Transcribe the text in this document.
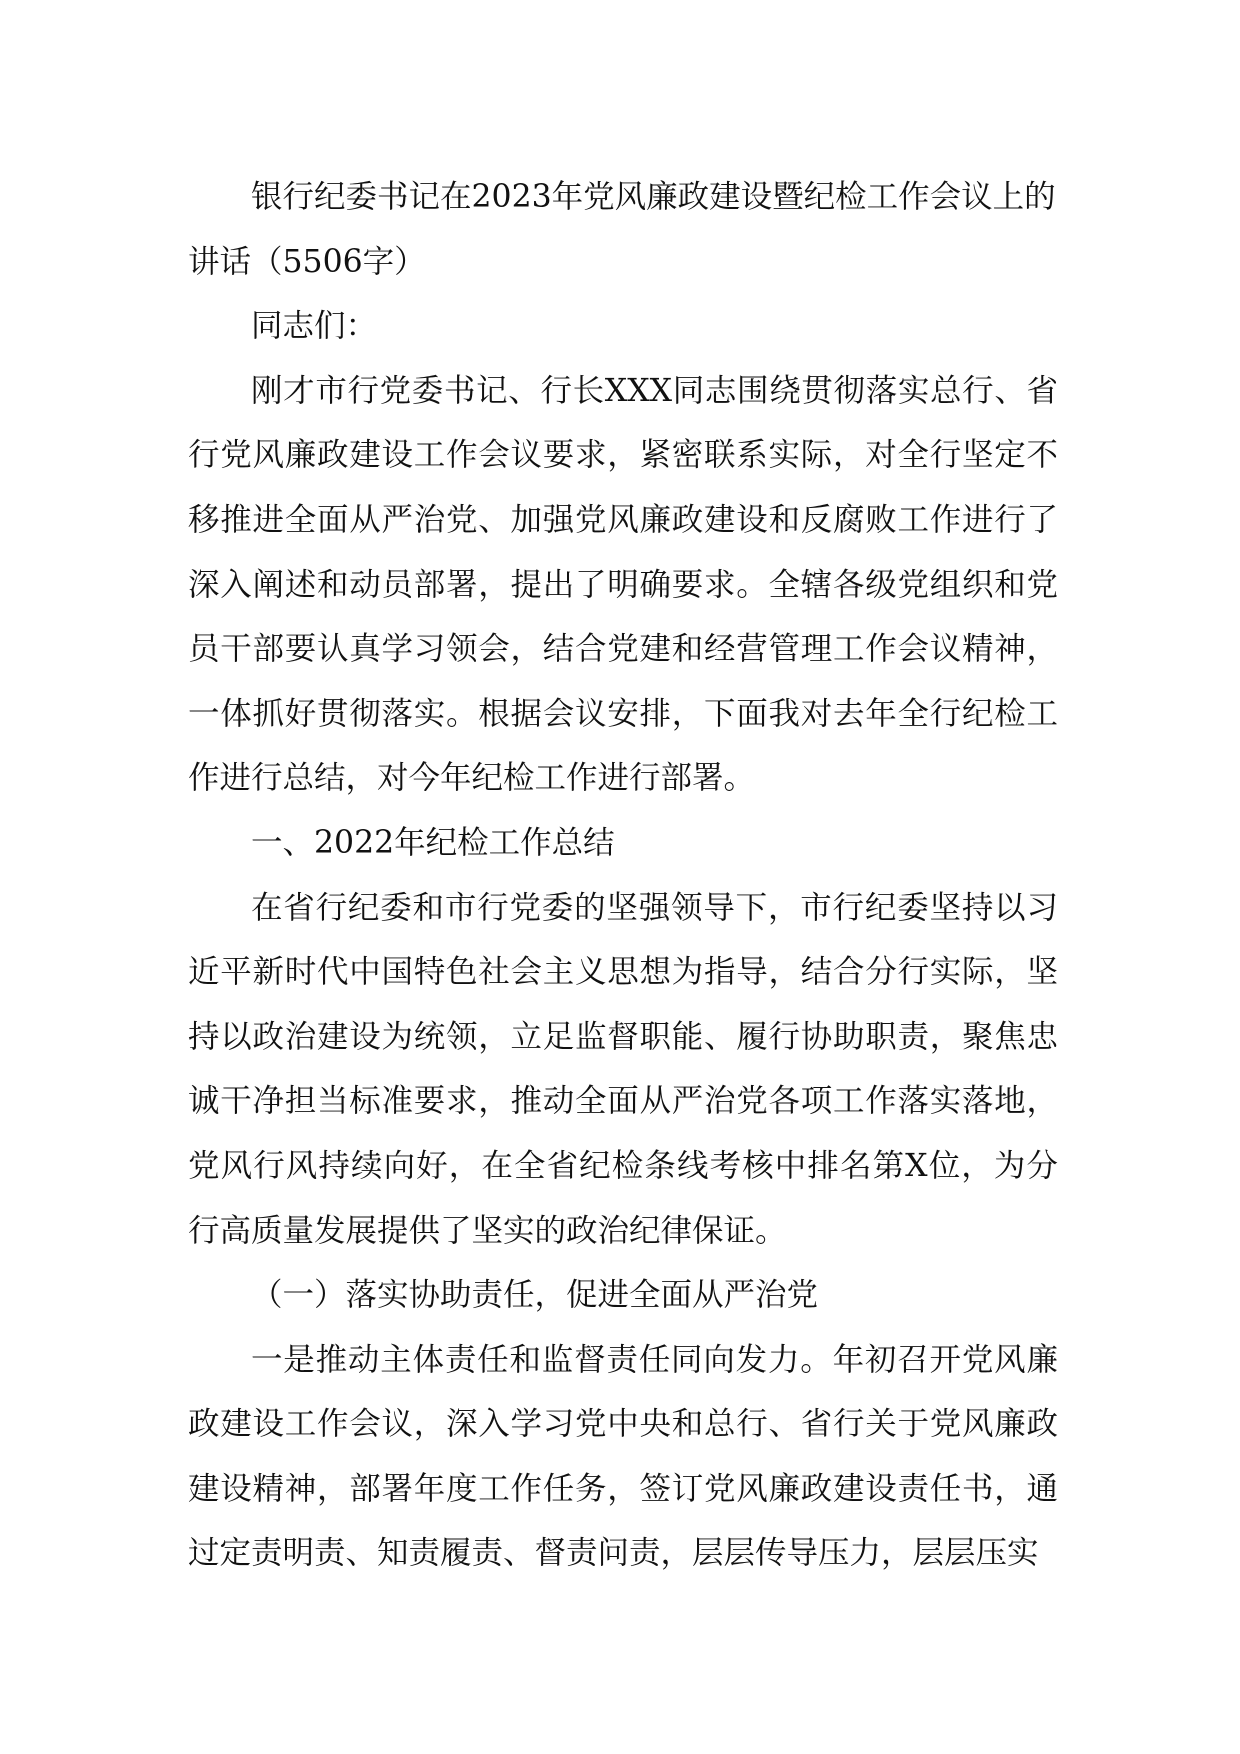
银行纪委书记在2023年党风廉政建设暨纪检工作会议上的讲话（5506字）

同志们：

刚才市行党委书记、行长XXX同志围绕贯彻落实总行、省行党风廉政建设工作会议要求，紧密联系实际，对全行坚定不移推进全面从严治党、加强党风廉政建设和反腐败工作进行了深入阐述和动员部署，提出了明确要求。全辖各级党组织和党员干部要认真学习领会，结合党建和经营管理工作会议精神，一体抓好贯彻落实。根据会议安排，下面我对去年全行纪检工作进行总结，对今年纪检工作进行部署。

一、2022年纪检工作总结

在省行纪委和市行党委的坚强领导下，市行纪委坚持以习近平新时代中国特色社会主义思想为指导，结合分行实际，坚持以政治建设为统领，立足监督职能、履行协助职责，聚焦忠诚干净担当标准要求，推动全面从严治党各项工作落实落地，党风行风持续向好，在全省纪检条线考核中排名第X位，为分行高质量发展提供了坚实的政治纪律保证。

（一）落实协助责任，促进全面从严治党

一是推动主体责任和监督责任同向发力。年初召开党风廉政建设工作会议，深入学习党中央和总行、省行关于党风廉政建设精神，部署年度工作任务，签订党风廉政建设责任书，通过定责明责、知责履责、督责问责，层层传导压力，层层压实
